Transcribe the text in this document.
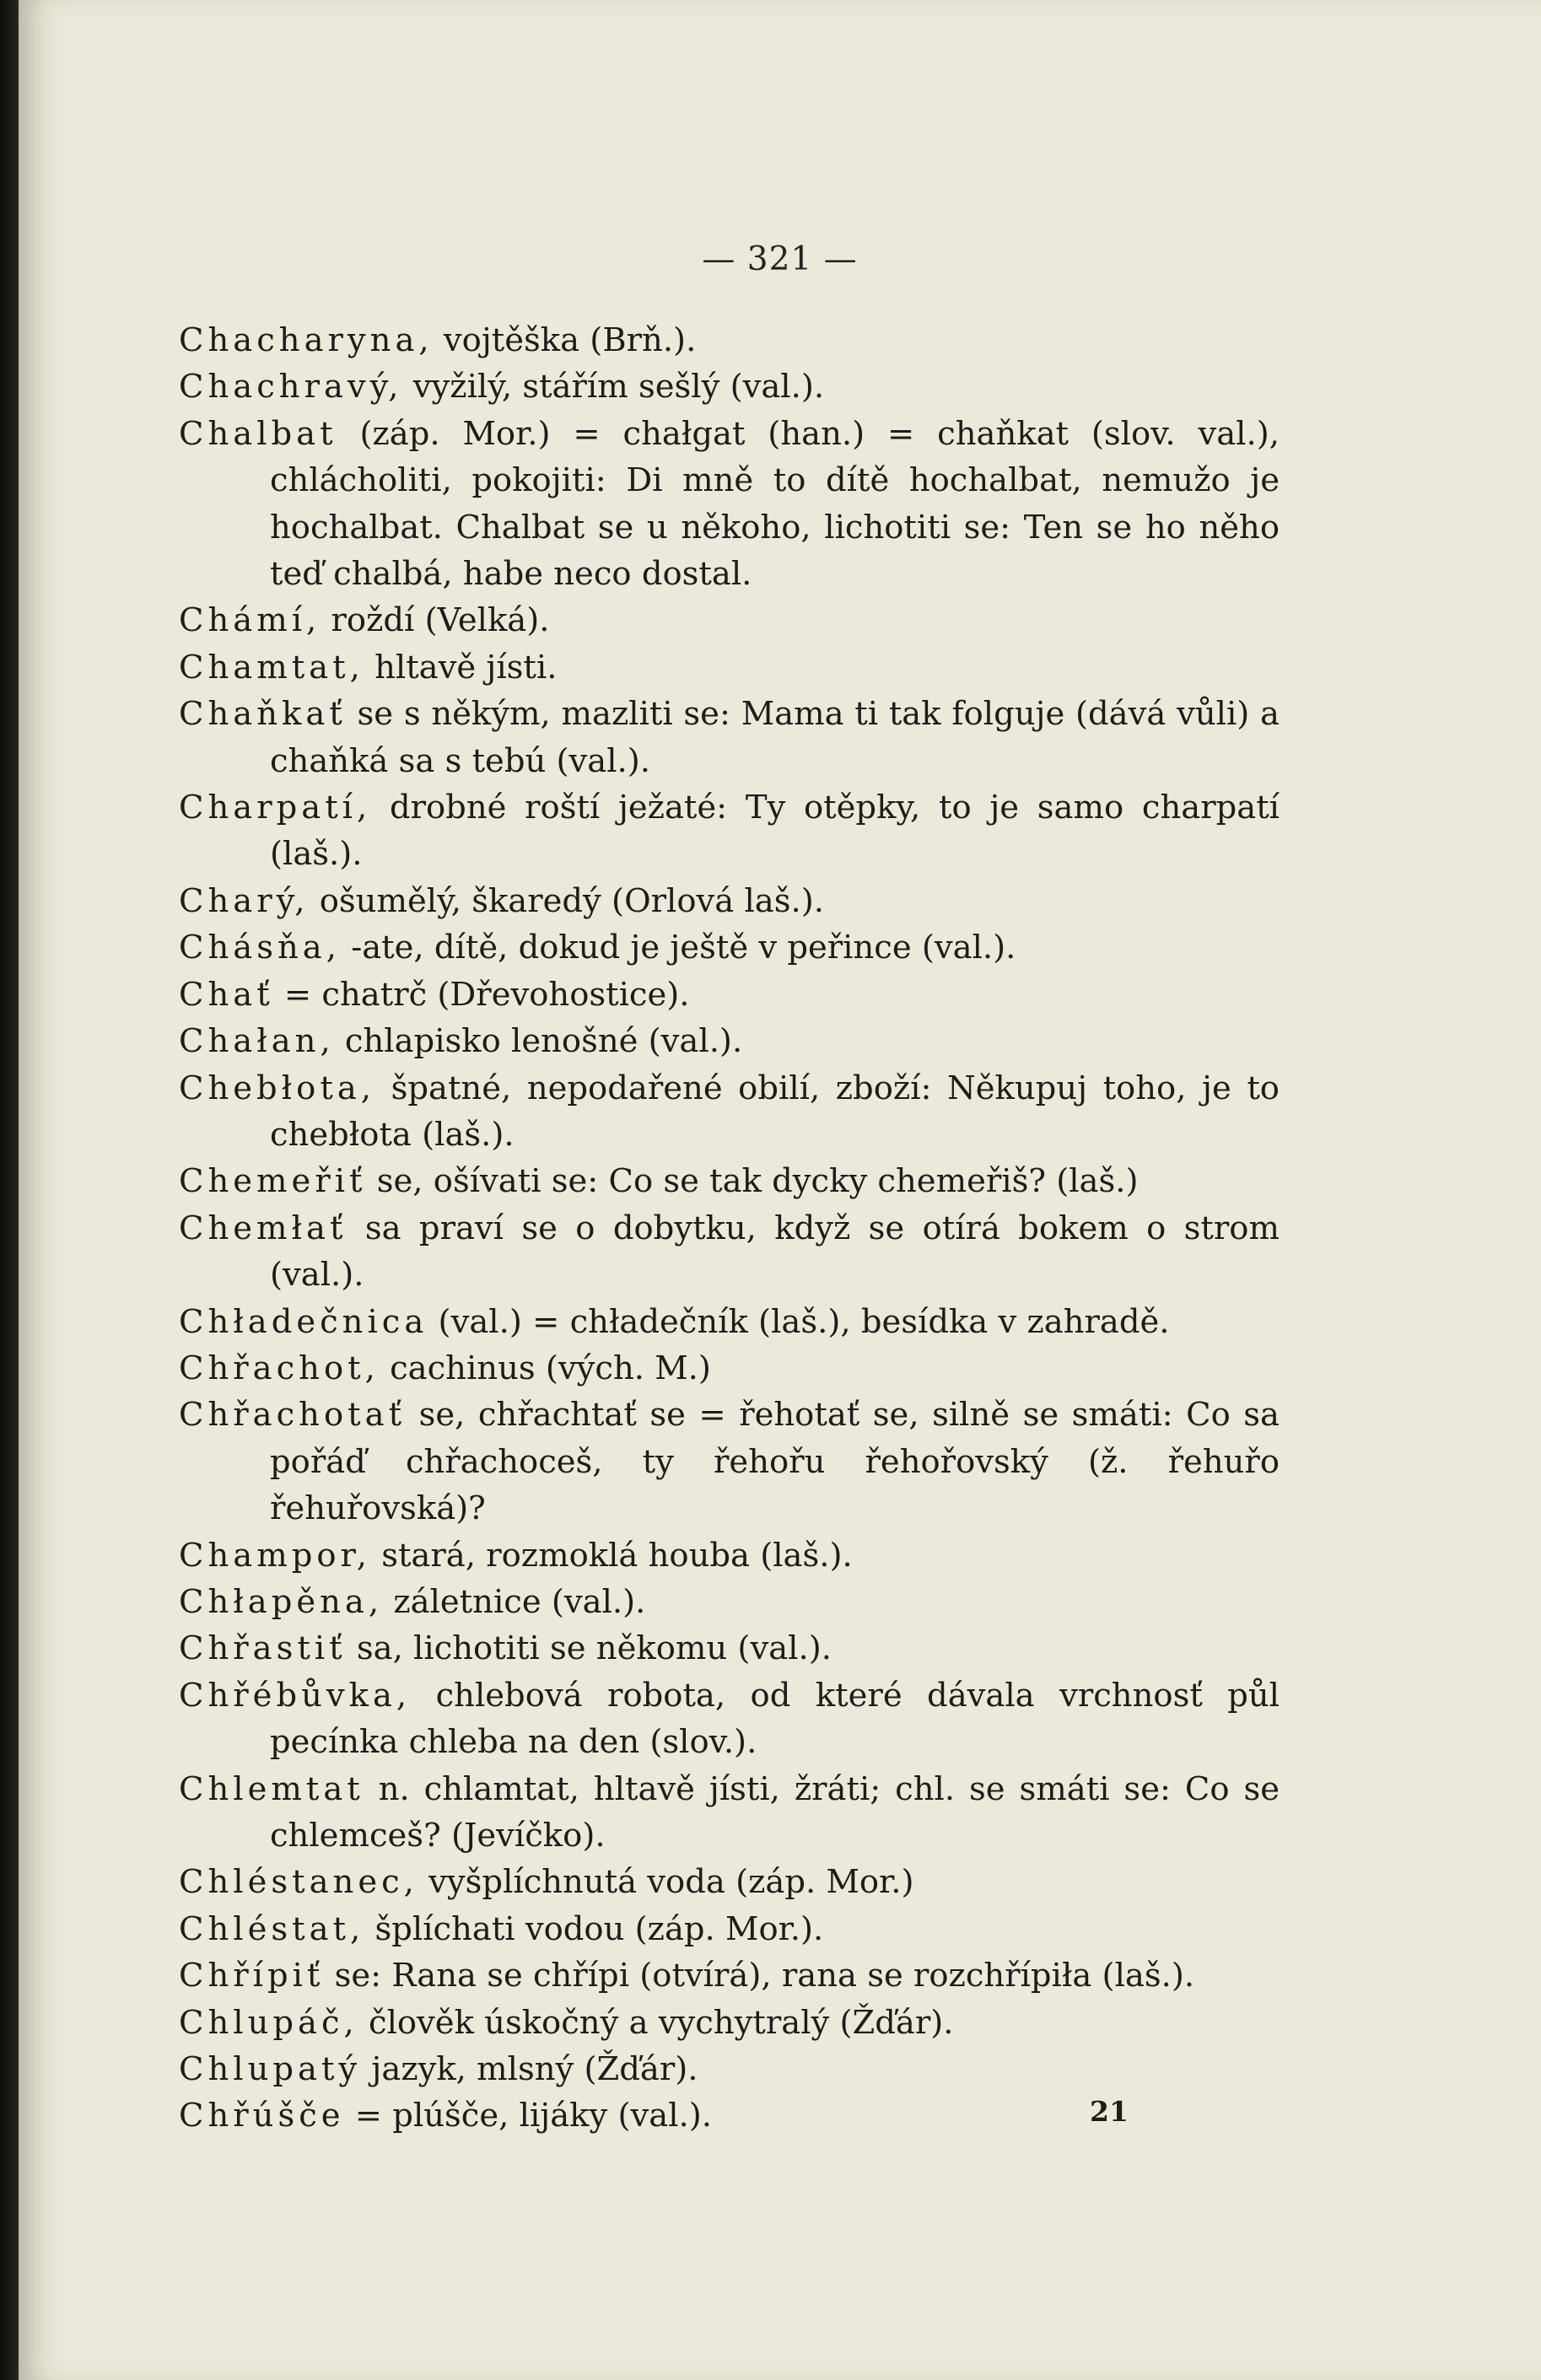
— 321 —
Chacharyna, vojtěška (Brň.).
Chachravý, vyžilý, stářím sešlý (val.).
Chalbat (záp. Mor.) = chałgat (han.) = chaňkat (slov. val.), chlácholiti, pokojiti: Di mně to dítě hochalbat, nemužo je hochalbat. Chalbat se u někoho, lichotiti se: Ten se ho něho teď chalbá, habe neco dostal.
Chámí, roždí (Velká).
Chamtat, hltavě jísti.
Chaňkať se s někým, mazliti se: Mama ti tak folguje (dává vůli) a chaňká sa s tebú (val.).
Charpatí, drobné roští ježaté: Ty otěpky, to je samo charpatí (laš.).
Charý, ošumělý, škaredý (Orlová laš.).
Chásňa, -ate, dítě, dokud je ještě v peřince (val.).
Chať = chatrč (Dřevohostice).
Chałan, chlapisko lenošné (val.).
Chebłota, špatné, nepodařené obilí, zboží: Někupuj toho, je to chebłota (laš.).
Chemeřiť se, ošívati se: Co se tak dycky chemeřiš? (laš.)
Chemłať sa praví se o dobytku, když se otírá bokem o strom (val.).
Chładečnica (val.) = chładečník (laš.), besídka v zahradě.
Chřachot, cachinus (vých. M.)
Chřachotať se, chřachtať se = řehotať se, silně se smáti: Co sa pořáď chřachoceš, ty řehořu řehořovský (ž. řehuřo řehuřovská)?
Champor, stará, rozmoklá houba (laš.).
Chłapěna, záletnice (val.).
Chřastiť sa, lichotiti se někomu (val.).
Chřébůvka, chlebová robota, od které dávala vrchnosť půl pecínka chleba na den (slov.).
Chlemtat n. chlamtat, hltavě jísti, žráti; chl. se smáti se: Co se chlemceš? (Jevíčko).
Chléstanec, vyšplíchnutá voda (záp. Mor.)
Chléstat, šplíchati vodou (záp. Mor.).
Chřípiť se: Rana se chřípi (otvírá), rana se rozchřípiła (laš.).
Chlupáč, člověk úskočný a vychytralý (Žďár).
Chlupatý jazyk, mlsný (Žďár).
Chřúšče = plúšče, lijáky (val.).	21
